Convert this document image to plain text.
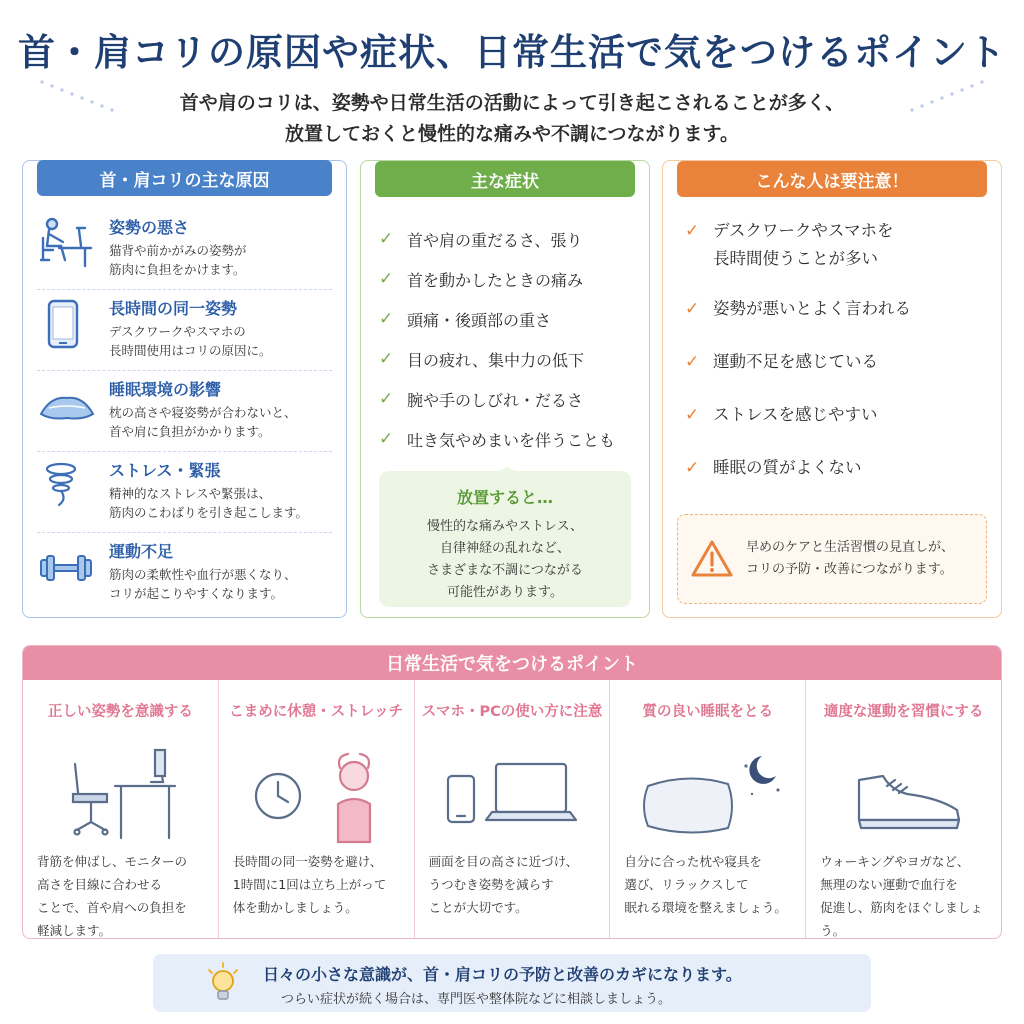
首・肩コリの原因や症状、日常生活で気をつけるポイント
首や肩のコリは、姿勢や日常生活の活動によって引き起こされることが多く、
放置しておくと慢性的な痛みや不調につながります。
首・肩コリの主な原因
姿勢の悪さ
猫背や前かがみの姿勢が
筋肉に負担をかけます。
長時間の同一姿勢
デスクワークやスマホの
長時間使用はコリの原因に。
睡眠環境の影響
枕の高さや寝姿勢が合わないと、
首や肩に負担がかかります。
ストレス・緊張
精神的なストレスや緊張は、
筋肉のこわばりを引き起こします。
運動不足
筋肉の柔軟性や血行が悪くなり、
コリが起こりやすくなります。
主な症状
✓ 首や肩の重だるさ、張り
✓ 首を動かしたときの痛み
✓ 頭痛・後頭部の重さ
✓ 目の疲れ、集中力の低下
✓ 腕や手のしびれ・だるさ
✓ 吐き気やめまいを伴うことも
放置すると…
慢性的な痛みやストレス、
自律神経の乱れなど、
さまざまな不調につながる
可能性があります。
こんな人は要注意！
✓ デスクワークやスマホを
長時間使うことが多い
✓ 姿勢が悪いとよく言われる
✓ 運動不足を感じている
✓ ストレスを感じやすい
✓ 睡眠の質がよくない
早めのケアと生活習慣の見直しが、
コリの予防・改善につながります。
日常生活で気をつけるポイント
正しい姿勢を意識する
背筋を伸ばし、モニターの
高さを目線に合わせる
ことで、首や肩への負担を
軽減します。
こまめに休憩・ストレッチ
長時間の同一姿勢を避け、
1時間に1回は立ち上がって
体を動かしましょう。
スマホ・PCの使い方に注意
画面を目の高さに近づけ、
うつむき姿勢を減らす
ことが大切です。
質の良い睡眠をとる
自分に合った枕や寝具を
選び、リラックスして
眠れる環境を整えましょう。
適度な運動を習慣にする
ウォーキングやヨガなど、
無理のない運動で血行を
促進し、筋肉をほぐしましょう。
日々の小さな意識が、首・肩コリの予防と改善のカギになります。
つらい症状が続く場合は、専門医や整体院などに相談しましょう。
